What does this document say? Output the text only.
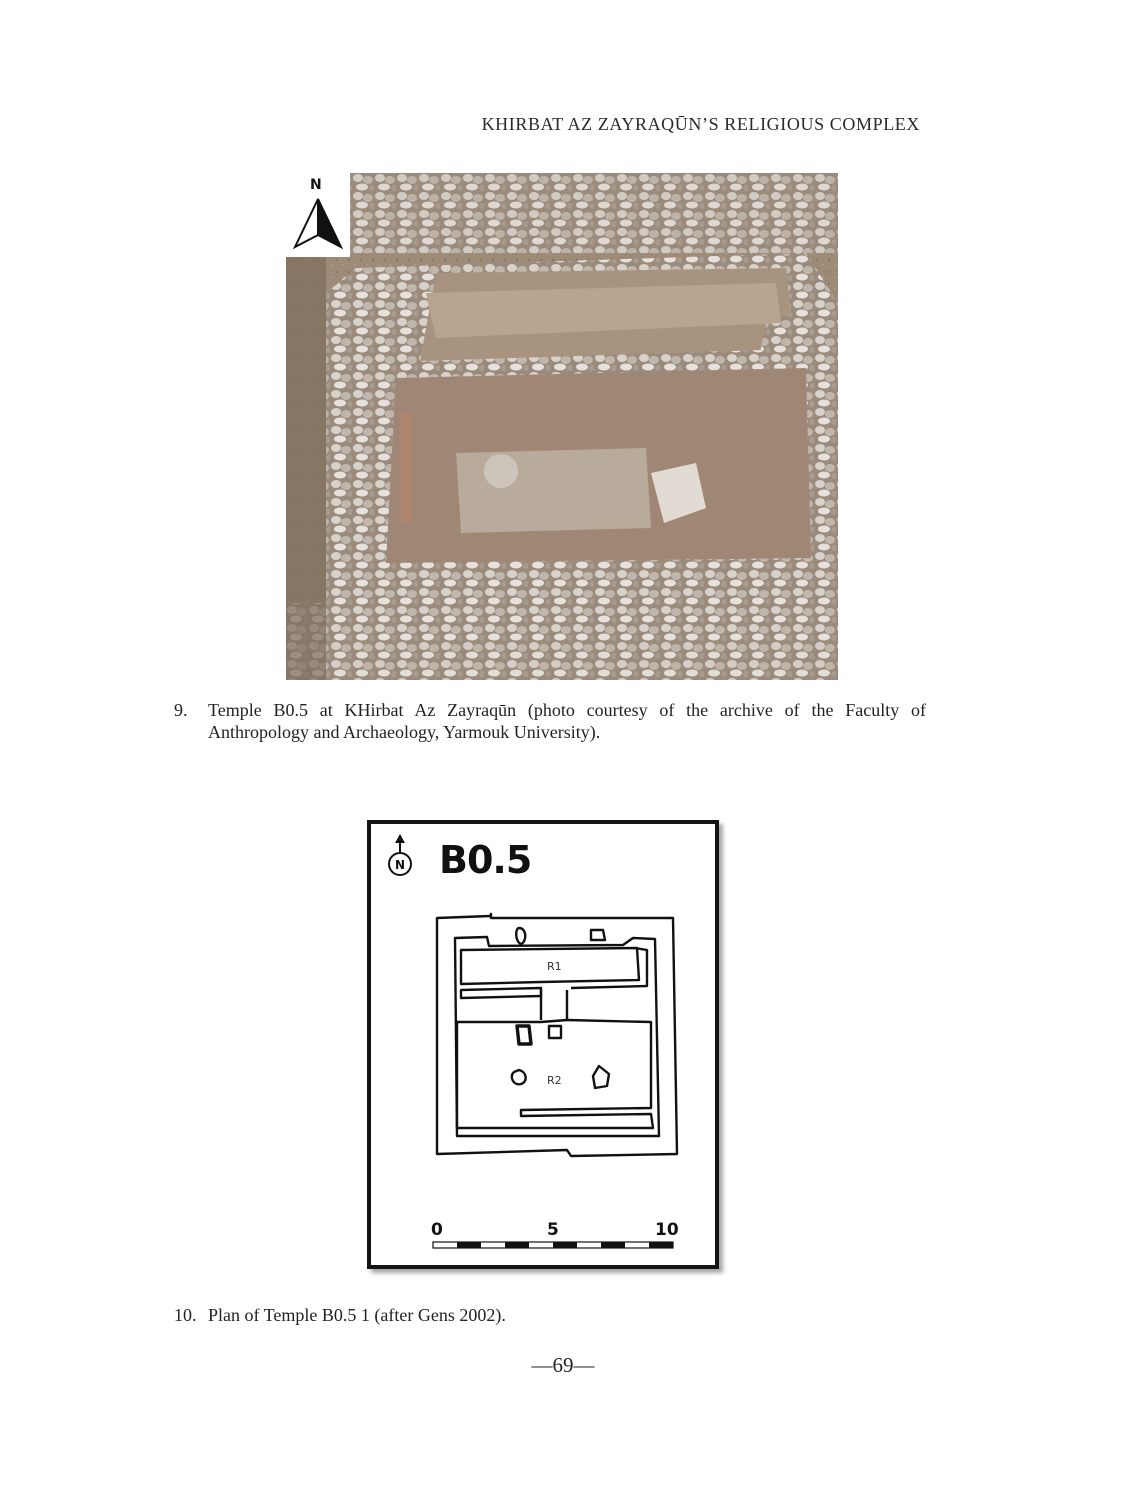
KHIRBAT AZ ZAYRAQŪN’S RELIGIOUS COMPLEX
N
9. Temple B0.5 at KHirbat Az Zayraqūn (photo courtesy of the archive of the Faculty of Anthropology and Archaeology, Yarmouk University).
N B0.5
R1
R2
0	5	10
10. Plan of Temple B0.5 1 (after Gens 2002).
—69—
